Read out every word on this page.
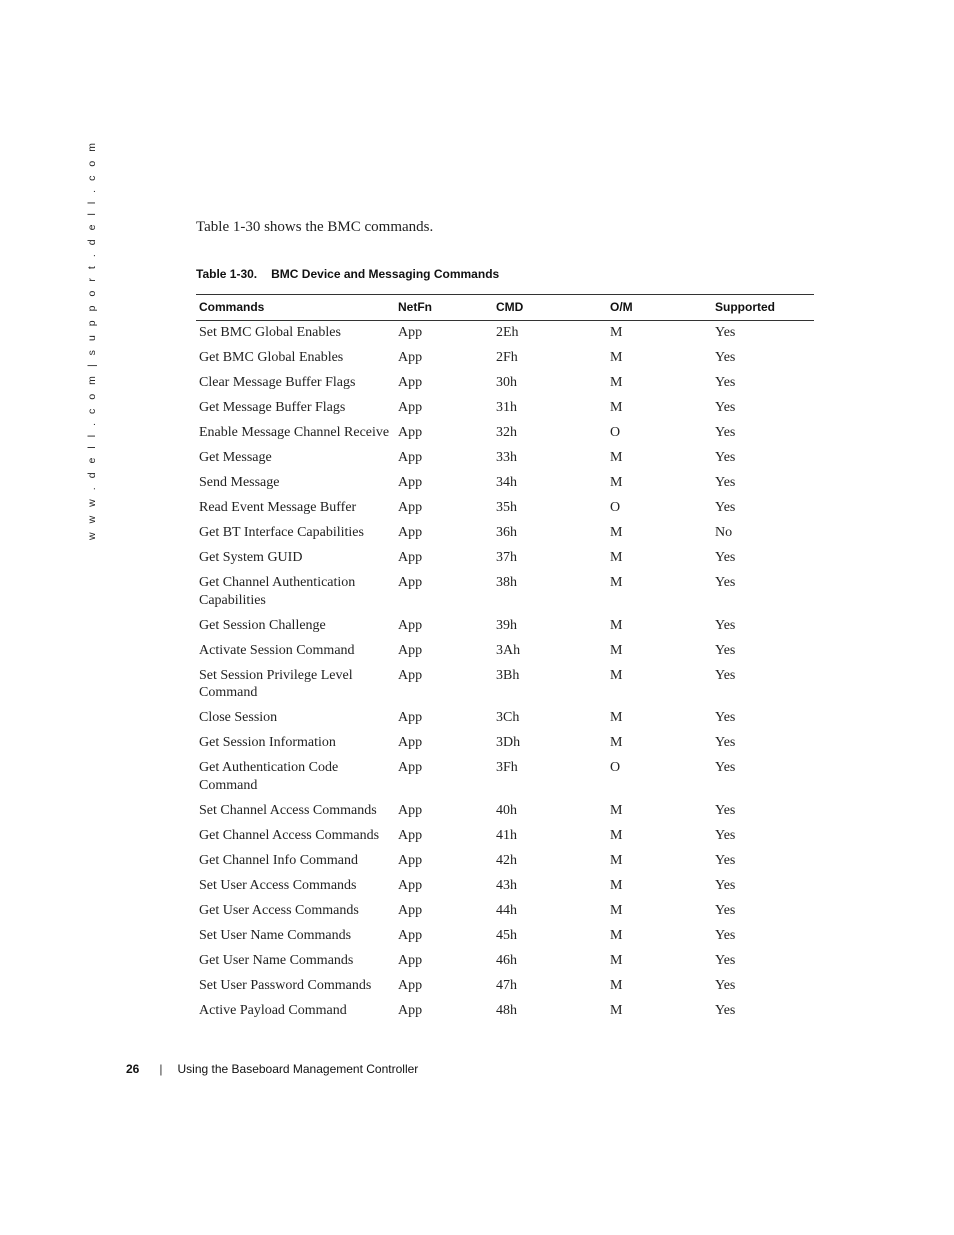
w w w . d e l l . c o m | s u p p o r t . d e l l . c o m	Table 1-30 shows the BMC commands.
Table 1-30. BMC Device and Messaging Commands
Commands	NetFn	CMD	O/M	Supported
Set BMC Global Enables	App	2Eh	M	Yes
Get BMC Global Enables	App	2Fh	M	Yes
Clear Message Buffer Flags	App	30h	M	Yes
Get Message Buffer Flags	App	31h	M	Yes
Enable Message Channel Receive	App	32h	O	Yes
Get Message	App	33h	M	Yes
Send Message	App	34h	M	Yes
Read Event Message Buffer	App	35h	O	Yes
Get BT Interface Capabilities	App	36h	M	No
Get System GUID	App	37h	M	Yes
Get Channel Authentication Capabilities	App	38h	M	Yes
Get Session Challenge	App	39h	M	Yes
Activate Session Command	App	3Ah	M	Yes
Set Session Privilege Level Command	App	3Bh	M	Yes
Close Session	App	3Ch	M	Yes
Get Session Information	App	3Dh	M	Yes
Get Authentication Code Command	App	3Fh	O	Yes
Set Channel Access Commands	App	40h	M	Yes
Get Channel Access Commands	App	41h	M	Yes
Get Channel Info Command	App	42h	M	Yes
Set User Access Commands	App	43h	M	Yes
Get User Access Commands	App	44h	M	Yes
Set User Name Commands	App	45h	M	Yes
Get User Name Commands	App	46h	M	Yes
Set User Password Commands	App	47h	M	Yes
Active Payload Command	App	48h	M	Yes
26 | Using the Baseboard Management Controller
